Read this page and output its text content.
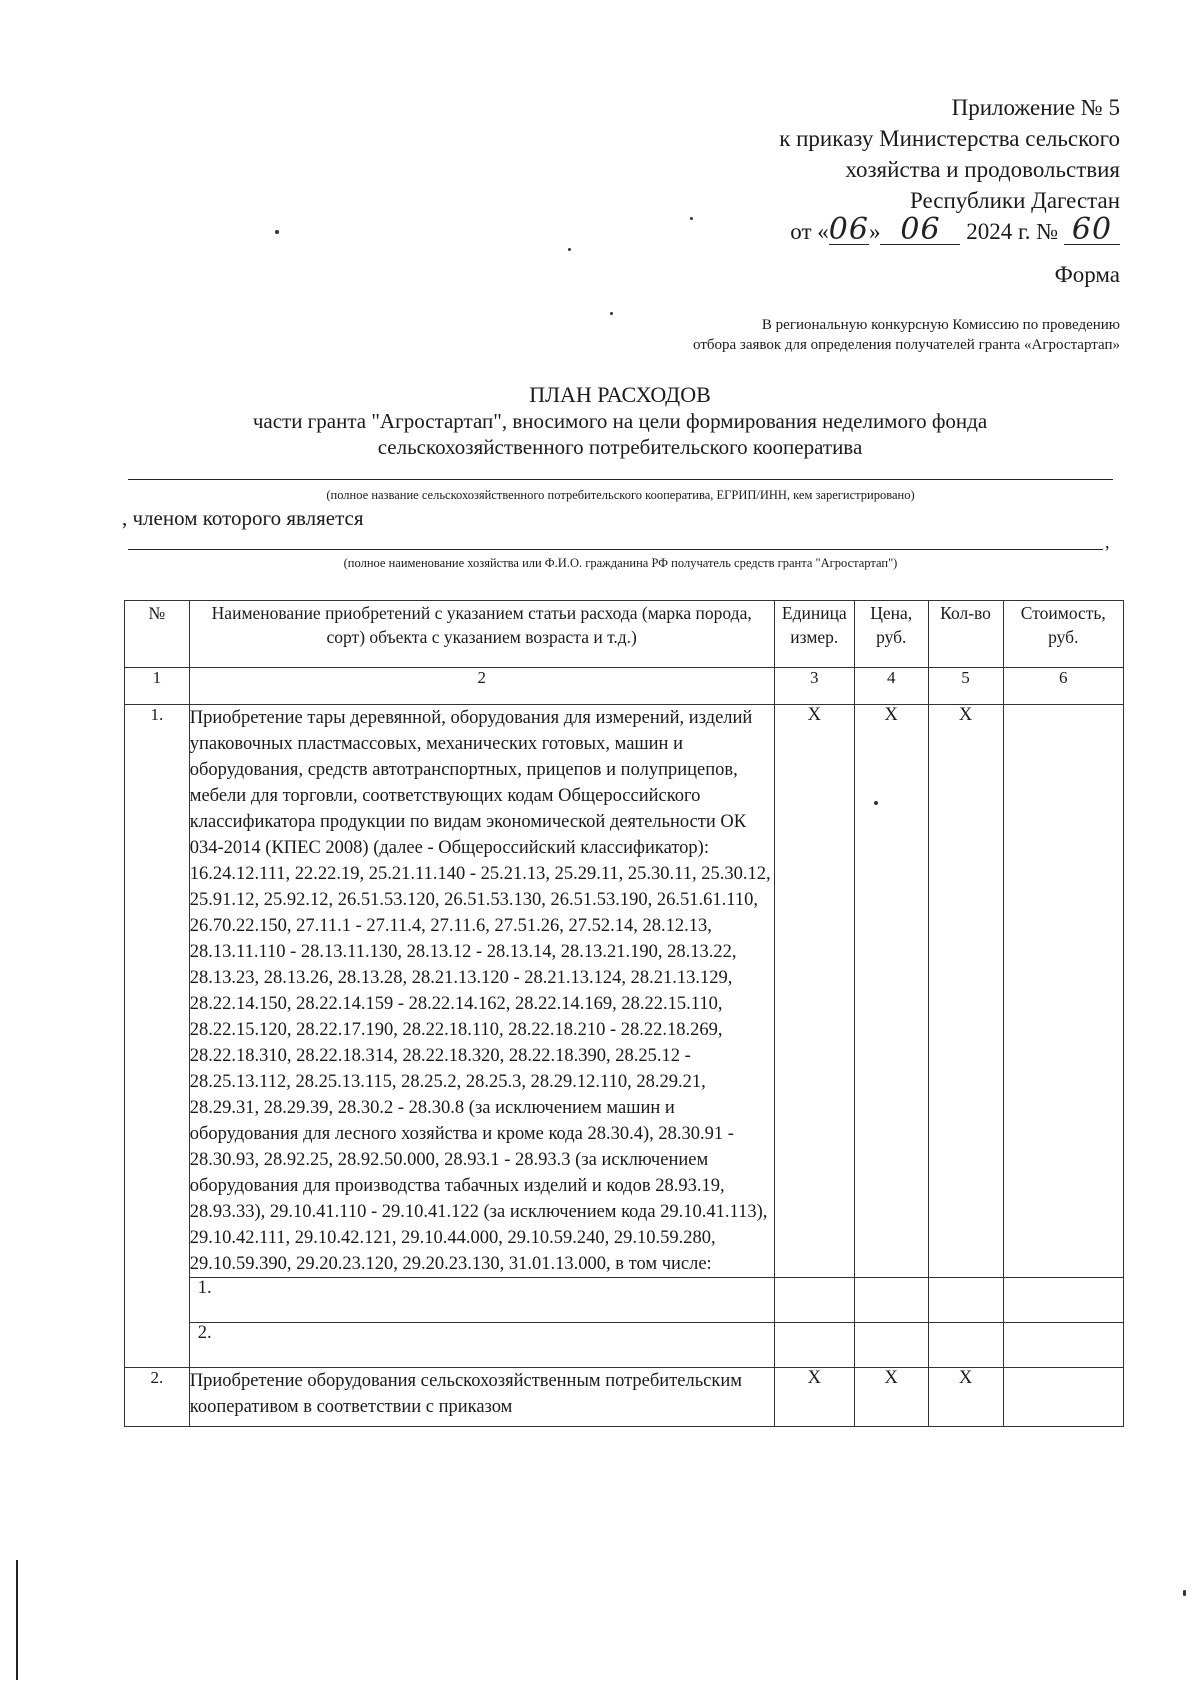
Приложение № 5
к приказу Министерства сельского
хозяйства и продовольствия
Республики Дагестан
от «06» 06 2024 г. № 60
Форма
В региональную конкурсную Комиссию по проведению
отбора заявок для определения получателей гранта «Агростартап»
ПЛАН РАСХОДОВ
части гранта "Агростартап", вносимого на цели формирования неделимого фонда
сельскохозяйственного потребительского кооператива
(полное название сельскохозяйственного потребительского кооператива, ЕГРИП/ИНН, кем зарегистрировано)
, членом которого является
,
(полное наименование хозяйства или Ф.И.О. гражданина РФ получатель средств гранта "Агростартап")
№	Наименование приобретений с указанием статьи расхода (марка порода, сорт) объекта с указанием возраста и т.д.)	Единица измер.	Цена, руб.	Кол-во	Стоимость, руб.
1	2	3	4	5	6
1.	Приобретение тары деревянной, оборудования для измерений, изделий упаковочных пластмассовых, механических готовых, машин и оборудования, средств автотранспортных, прицепов и полуприцепов, мебели для торговли, соответствующих кодам Общероссийского классификатора продукции по видам экономической деятельности ОК 034-2014 (КПЕС 2008) (далее - Общероссийский классификатор): 16.24.12.111, 22.22.19, 25.21.11.140 - 25.21.13, 25.29.11, 25.30.11, 25.30.12, 25.91.12, 25.92.12, 26.51.53.120, 26.51.53.130, 26.51.53.190, 26.51.61.110, 26.70.22.150, 27.11.1 - 27.11.4, 27.11.6, 27.51.26, 27.52.14, 28.12.13, 28.13.11.110 - 28.13.11.130, 28.13.12 - 28.13.14, 28.13.21.190, 28.13.22, 28.13.23, 28.13.26, 28.13.28, 28.21.13.120 - 28.21.13.124, 28.21.13.129, 28.22.14.150, 28.22.14.159 - 28.22.14.162, 28.22.14.169, 28.22.15.110, 28.22.15.120, 28.22.17.190, 28.22.18.110, 28.22.18.210 - 28.22.18.269, 28.22.18.310, 28.22.18.314, 28.22.18.320, 28.22.18.390, 28.25.12 - 28.25.13.112, 28.25.13.115, 28.25.2, 28.25.3, 28.29.12.110, 28.29.21, 28.29.31, 28.29.39, 28.30.2 - 28.30.8 (за исключением машин и оборудования для лесного хозяйства и кроме кода 28.30.4), 28.30.91 - 28.30.93, 28.92.25, 28.92.50.000, 28.93.1 - 28.93.3 (за исключением оборудования для производства табачных изделий и кодов 28.93.19, 28.93.33), 29.10.41.110 - 29.10.41.122 (за исключением кода 29.10.41.113), 29.10.42.111, 29.10.42.121, 29.10.44.000, 29.10.59.240, 29.10.59.280, 29.10.59.390, 29.20.23.120, 29.20.23.130, 31.01.13.000, в том числе:	X	X	X	
	1.				
	2.				
2.	Приобретение оборудования сельскохозяйственным потребительским кооперативом в соответствии с приказом	X	X	X	
